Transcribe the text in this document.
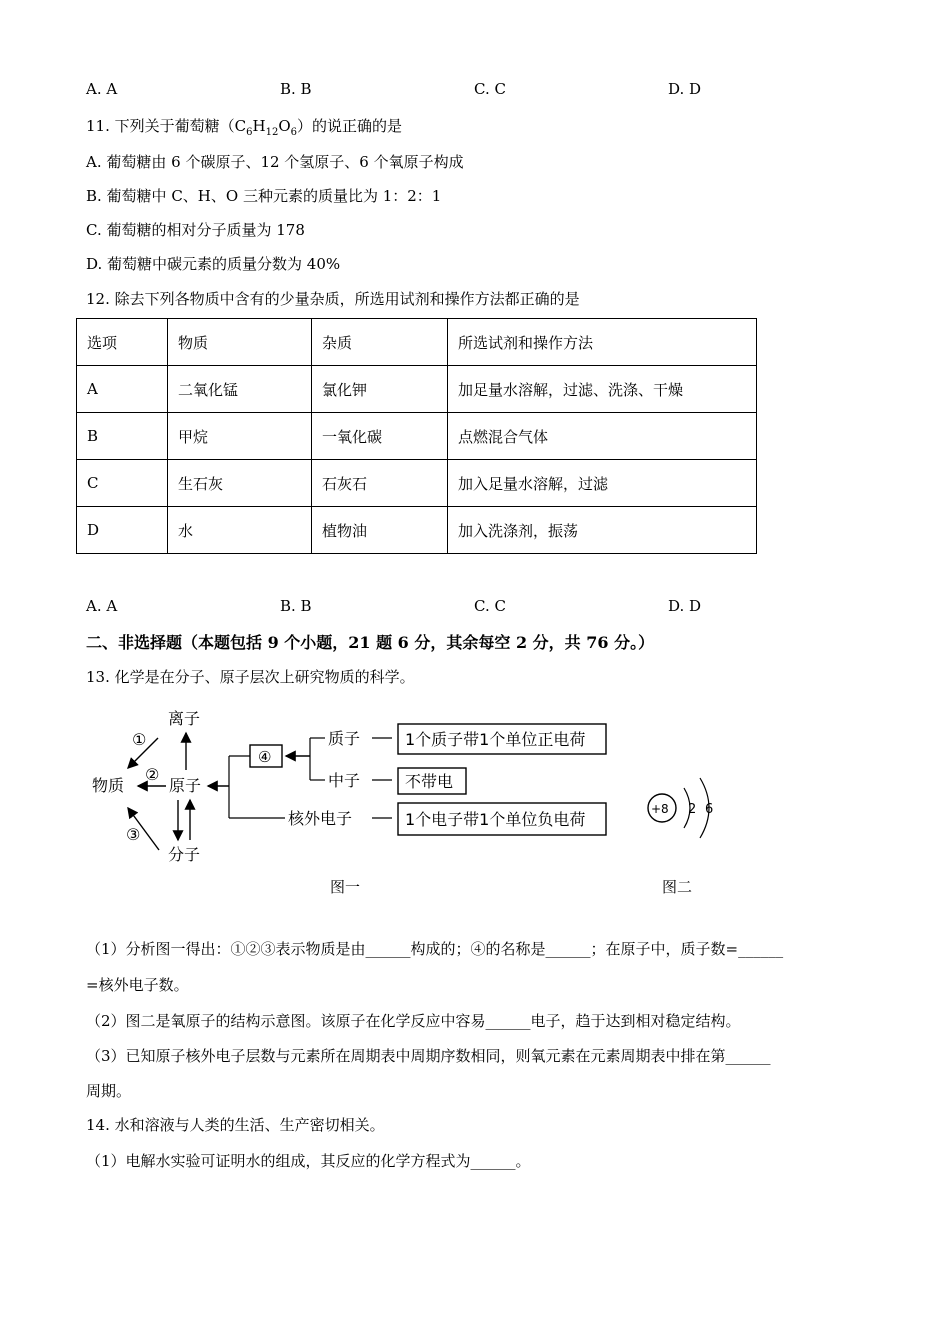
A. A	B. B	C. C	D. D
11. 下列关于葡萄糖$(C_6H_{12}O_6)$的说正确的是
A. 葡萄糖由 6 个碳原子、12 个氢原子、6 个氧原子构成
B. 葡萄糖中 C、H、O 三种元素的质量比为 1：2：1
C. 葡萄糖的相对分子质量为 178
D. 葡萄糖中碳元素的质量分数为 40%
12. 除去下列各物质中含有的少量杂质，所选用试剂和操作方法都正确的是
选项	物质	杂质	所选试剂和操作方法
A	二氧化锰	氯化钾	加足量水溶解，过滤、洗涤、干燥
B	甲烷	一氧化碳	点燃混合气体
C	生石灰	石灰石	加入足量水溶解，过滤
D	水	植物油	加入洗涤剂，振荡
A. A	B. B	C. C	D. D
二、非选择题（本题包括 9 个小题，21 题 6 分，其余每空 2 分，共 76 分。）
13. 化学是在分子、原子层次上研究物质的科学。
离子
物质	原子
分子
①
②
③
④
质子
中子
核外电子
1个质子带1个单位正电荷
不带电
1个电子带1个单位负电荷
+8 2 6
图一	图二
（1）分析图一得出：①②③表示物质是由______构成的；④的名称是______；在原子中，质子数=______
=核外电子数。
（2）图二是氧原子的结构示意图。该原子在化学反应中容易______电子，趋于达到相对稳定结构。
（3）已知原子核外电子层数与元素所在周期表中周期序数相同，则氧元素在元素周期表中排在第______
周期。
14. 水和溶液与人类的生活、生产密切相关。
（1）电解水实验可证明水的组成，其反应的化学方程式为______。
